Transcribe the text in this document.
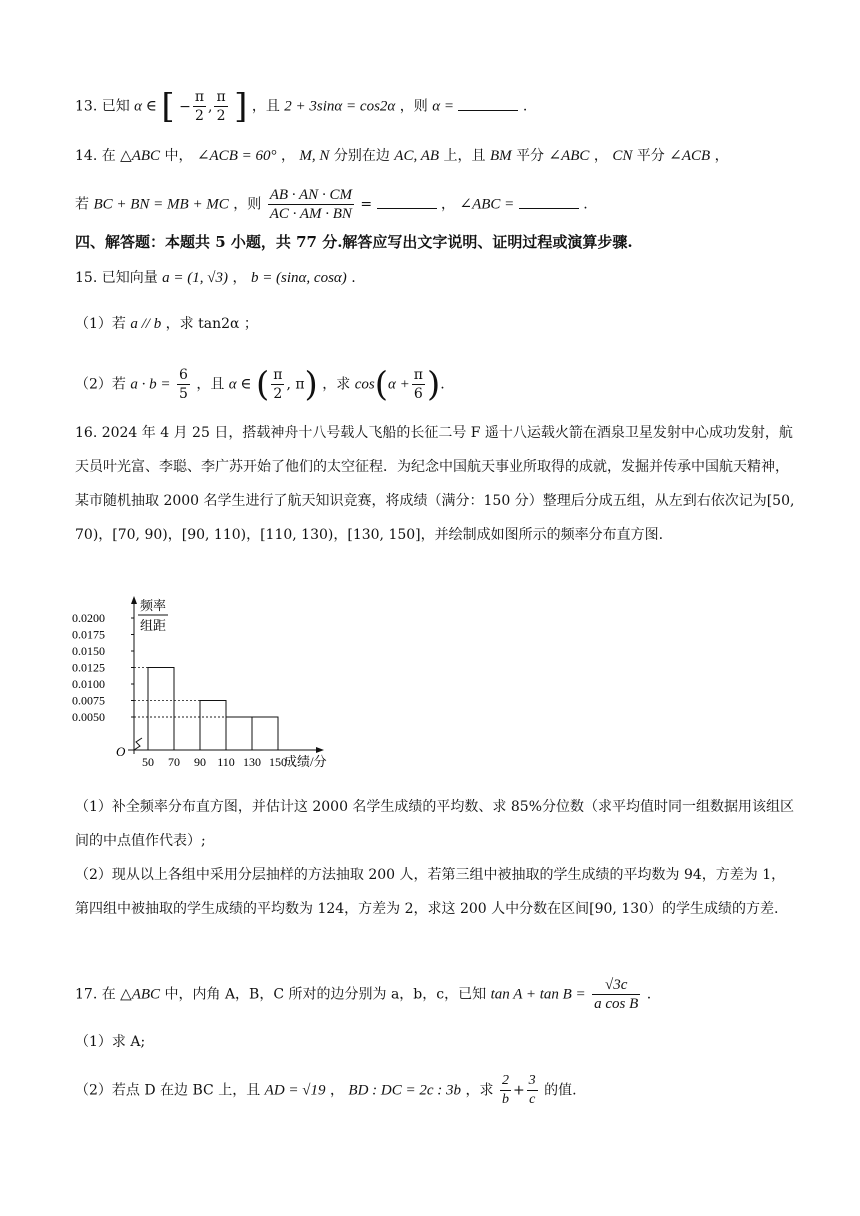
13. 已知 α ∈ [ − $\frac{\pi}{2}$ , $\frac{\pi}{2}$ ] ，且 2 + 3sinα = cos2α ，则 α =	.
14. 在 △ABC 中， ∠ACB = 60° ， M, N 分别在边 AC, AB 上，且 BM 平分 ∠ABC ， CN 平分 ∠ACB ，
若 BC + BN = MB + MC ，则 $\frac{AB \cdot AN \cdot CM}{AC \cdot AM \cdot BN}$ =	， ∠ABC =	.
四、解答题：本题共 5 小题，共 77 分.解答应写出文字说明、证明过程或演算步骤.
15. 已知向量 a = (1, √3) ， b = (sinα, cosα) .
（1）若 a // b ，求 tan2α ；
（2）若 $a \cdot b = \frac{6}{5}$ ，且 α ∈ ( $\frac{\pi}{2}$ , π) ，求 $\cos(\alpha + \frac{\pi}{6}$ ).
16. 2024 年 4 月 25 日，搭载神舟十八号载人飞船的长征二号 F 遥十八运载火箭在酒泉卫星发射中心成功发射，航天员叶光富、李聪、李广苏开始了他们的太空征程．为纪念中国航天事业所取得的成就，发掘并传承中国航天精神，某市随机抽取 2000 名学生进行了航天知识竞赛，将成绩（满分：150 分）整理后分成五组，从左到右依次记为[50, 70)，[70, 90)，[90, 110)，[110, 130)，[130, 150]，并绘制成如图所示的频率分布直方图.
频率
组距
0.0050
0.0075
0.0100
0.0125
0.0150
0.0175
0.0200
50 70 90 110 130 150
O
成绩/分
（1）补全频率分布直方图，并估计这 2000 名学生成绩的平均数、求 85%分位数（求平均值时同一组数据用该组区间的中点值作代表）;
（2）现从以上各组中采用分层抽样的方法抽取 200 人，若第三组中被抽取的学生成绩的平均数为 94，方差为 1，第四组中被抽取的学生成绩的平均数为 124，方差为 2，求这 200 人中分数在区间[90, 130）的学生成绩的方差.
17. 在 △ABC 中，内角 A，B，C 所对的边分别为 a，b，c，已知 $\tan A + \tan B = \frac{√3c}{\text{a cos B}}$ .
（1）求 A;
（2）若点 D 在边 BC 上，且 AD = √19 ， BD : DC = 2c : 3b ，求 $\frac{2}{b} + \frac{3}{c}$ 的值.
